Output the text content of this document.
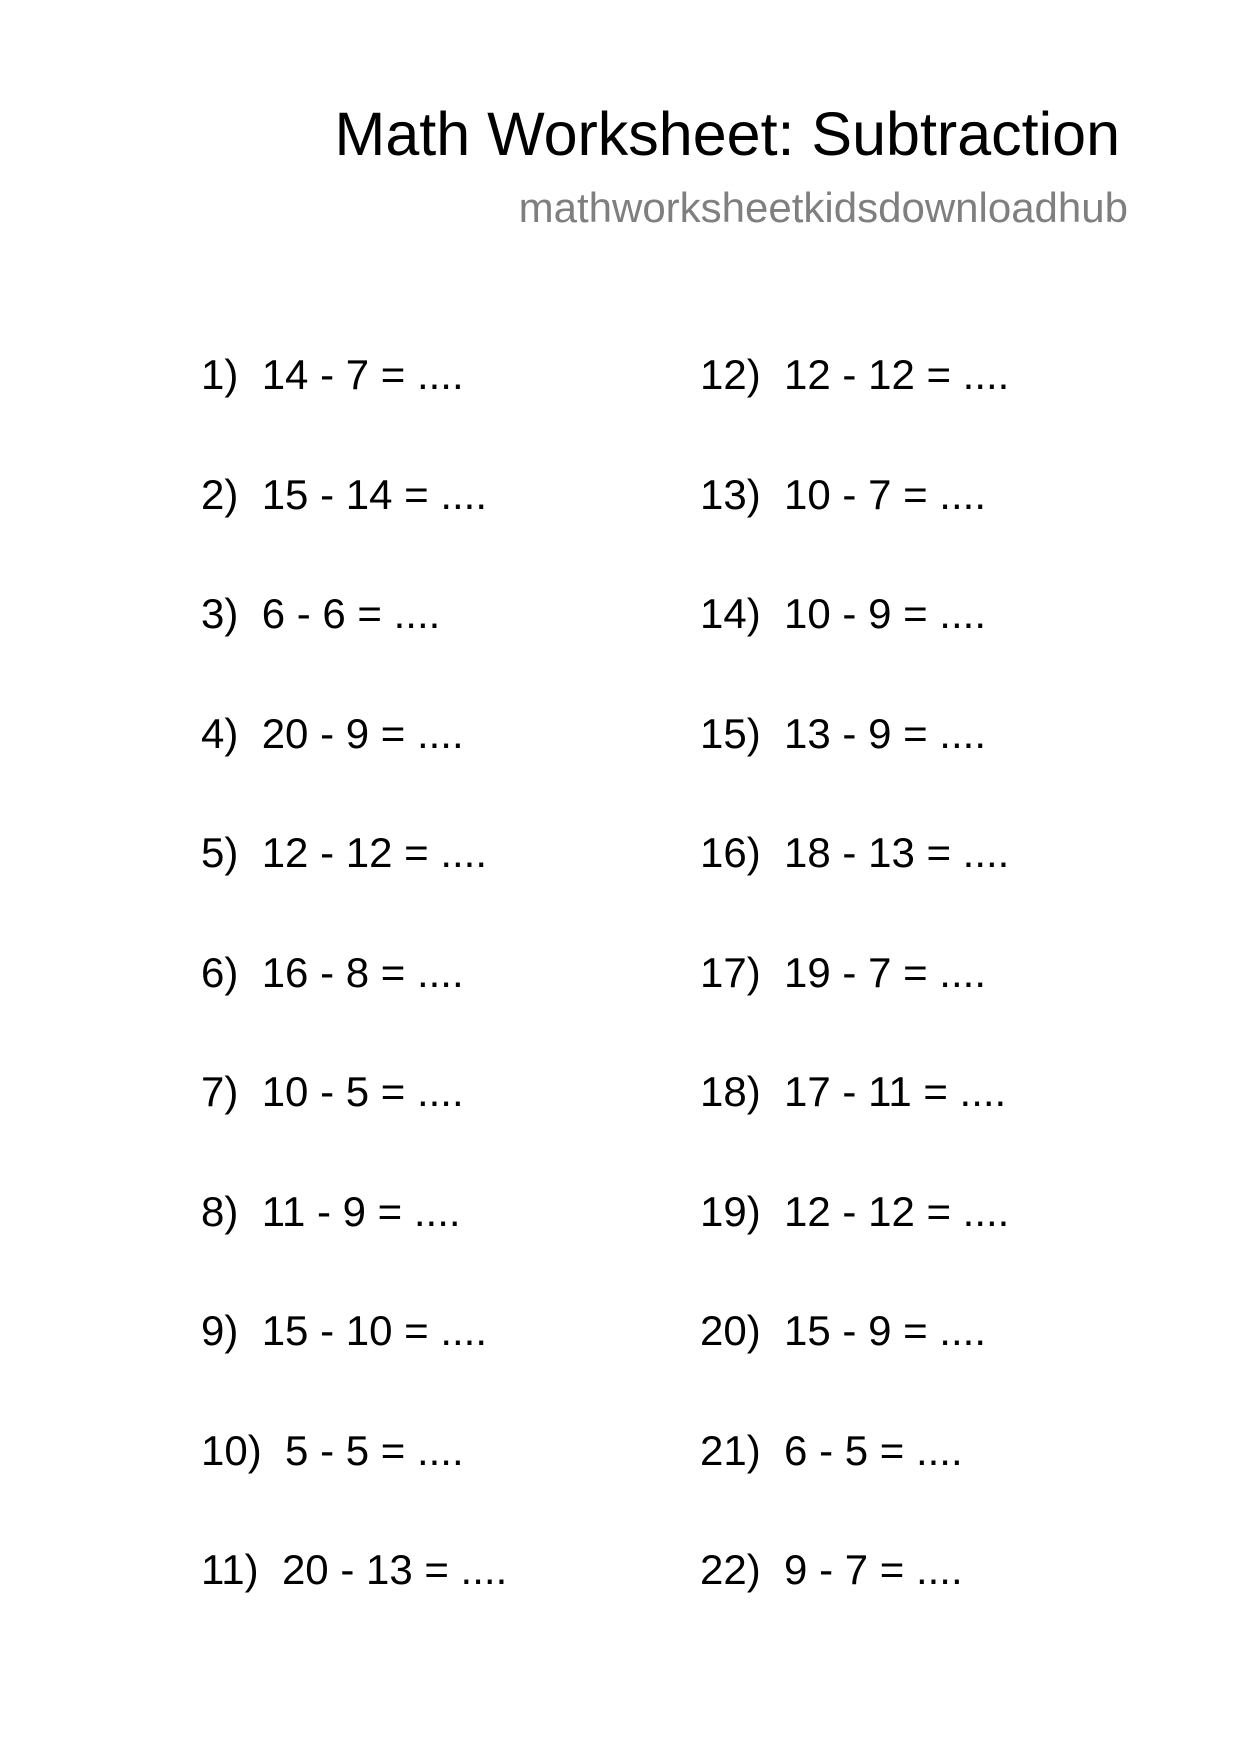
Math Worksheet: Subtraction
mathworksheetkidsdownloadhub
1) 14 - 7 = ....
2) 15 - 14 = ....
3) 6 - 6 = ....
4) 20 - 9 = ....
5) 12 - 12 = ....
6) 16 - 8 = ....
7) 10 - 5 = ....
8) 11 - 9 = ....
9) 15 - 10 = ....
10) 5 - 5 = ....
11) 20 - 13 = ....
12) 12 - 12 = ....
13) 10 - 7 = ....
14) 10 - 9 = ....
15) 13 - 9 = ....
16) 18 - 13 = ....
17) 19 - 7 = ....
18) 17 - 11 = ....
19) 12 - 12 = ....
20) 15 - 9 = ....
21) 6 - 5 = ....
22) 9 - 7 = ....
